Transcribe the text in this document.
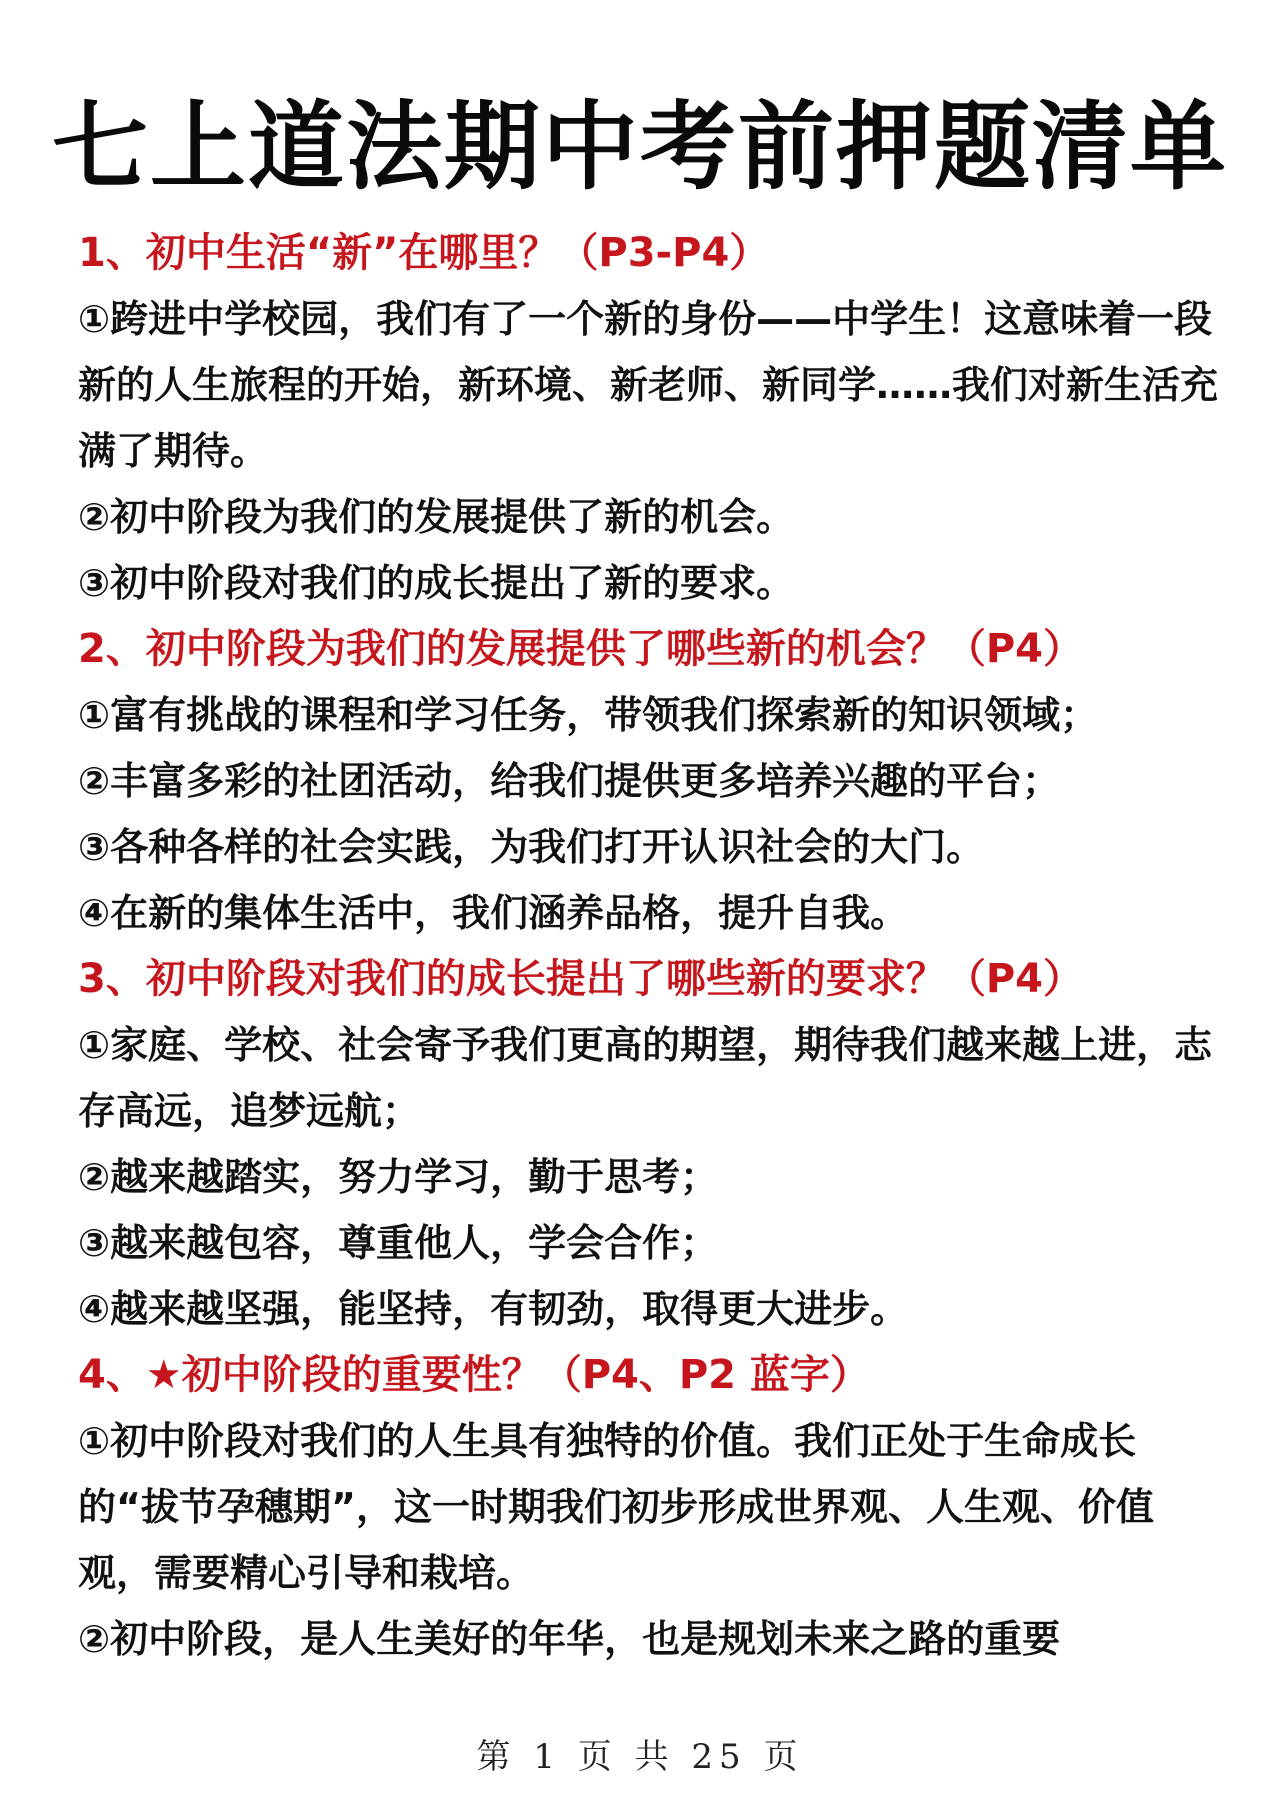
七上道法期中考前押题清单
1、初中生活“新”在哪里？（P3-P4）
①跨进中学校园，我们有了一个新的身份——中学生！这意味着一段新的人生旅程的开始，新环境、新老师、新同学……我们对新生活充满了期待。
②初中阶段为我们的发展提供了新的机会。
③初中阶段对我们的成长提出了新的要求。
2、初中阶段为我们的发展提供了哪些新的机会？（P4）
①富有挑战的课程和学习任务，带领我们探索新的知识领域；
②丰富多彩的社团活动，给我们提供更多培养兴趣的平台；
③各种各样的社会实践，为我们打开认识社会的大门。
④在新的集体生活中，我们涵养品格，提升自我。
3、初中阶段对我们的成长提出了哪些新的要求？（P4）
①家庭、学校、社会寄予我们更高的期望，期待我们越来越上进，志存高远，追梦远航；
②越来越踏实，努力学习，勤于思考；
③越来越包容，尊重他人，学会合作；
④越来越坚强，能坚持，有韧劲，取得更大进步。
4、★初中阶段的重要性？（P4、P2 蓝字）
①初中阶段对我们的人生具有独特的价值。我们正处于生命成长的“拔节孕穗期”，这一时期我们初步形成世界观、人生观、价值观，需要精心引导和栽培。
②初中阶段，是人生美好的年华，也是规划未来之路的重要
第 1 页 共 25 页
